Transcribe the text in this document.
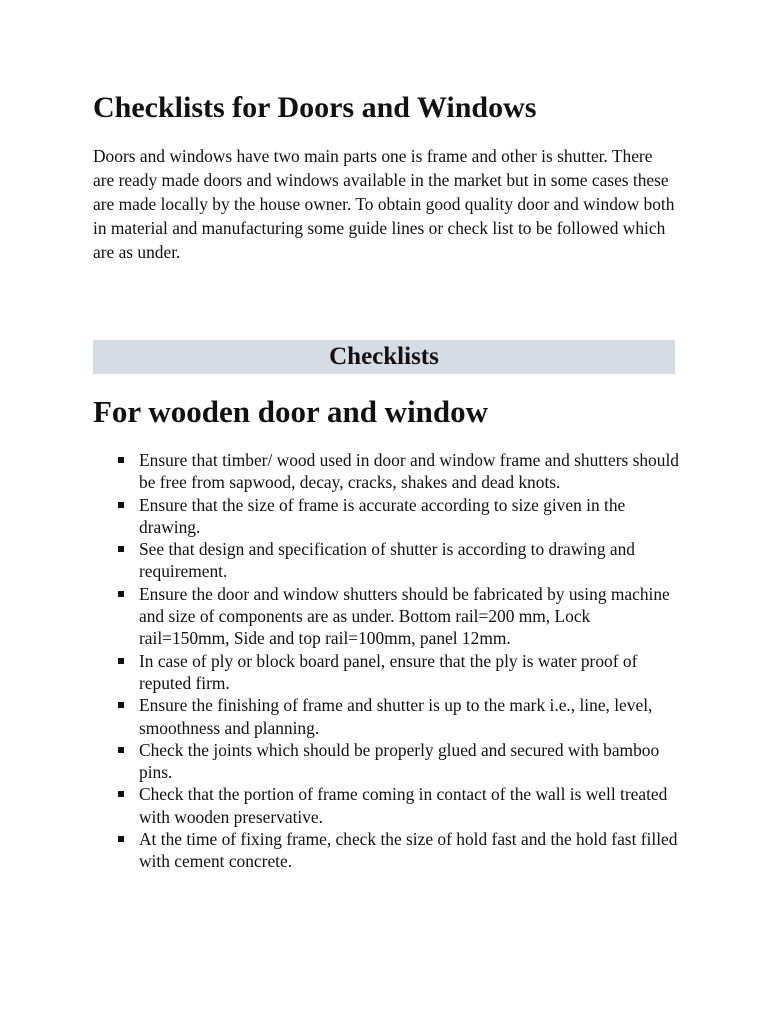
Checklists for Doors and Windows

Doors and windows have two main parts one is frame and other is shutter. There are ready made doors and windows available in the market but in some cases these are made locally by the house owner. To obtain good quality door and window both in material and manufacturing some guide lines or check list to be followed which are as under.

Checklists
For wooden door and window
Ensure that timber/ wood used in door and window frame and shutters should be free from sapwood, decay, cracks, shakes and dead knots.
Ensure that the size of frame is accurate according to size given in the drawing.
See that design and specification of shutter is according to drawing and requirement.
Ensure the door and window shutters should be fabricated by using machine and size of components are as under. Bottom rail=200 mm, Lock rail=150mm, Side and top rail=100mm, panel 12mm.
In case of ply or block board panel, ensure that the ply is water proof of reputed firm.
Ensure the finishing of frame and shutter is up to the mark i.e., line, level, smoothness and planning.
Check the joints which should be properly glued and secured with bamboo pins.
Check that the portion of frame coming in contact of the wall is well treated with wooden preservative.
At the time of fixing frame, check the size of hold fast and the hold fast filled with cement concrete.
